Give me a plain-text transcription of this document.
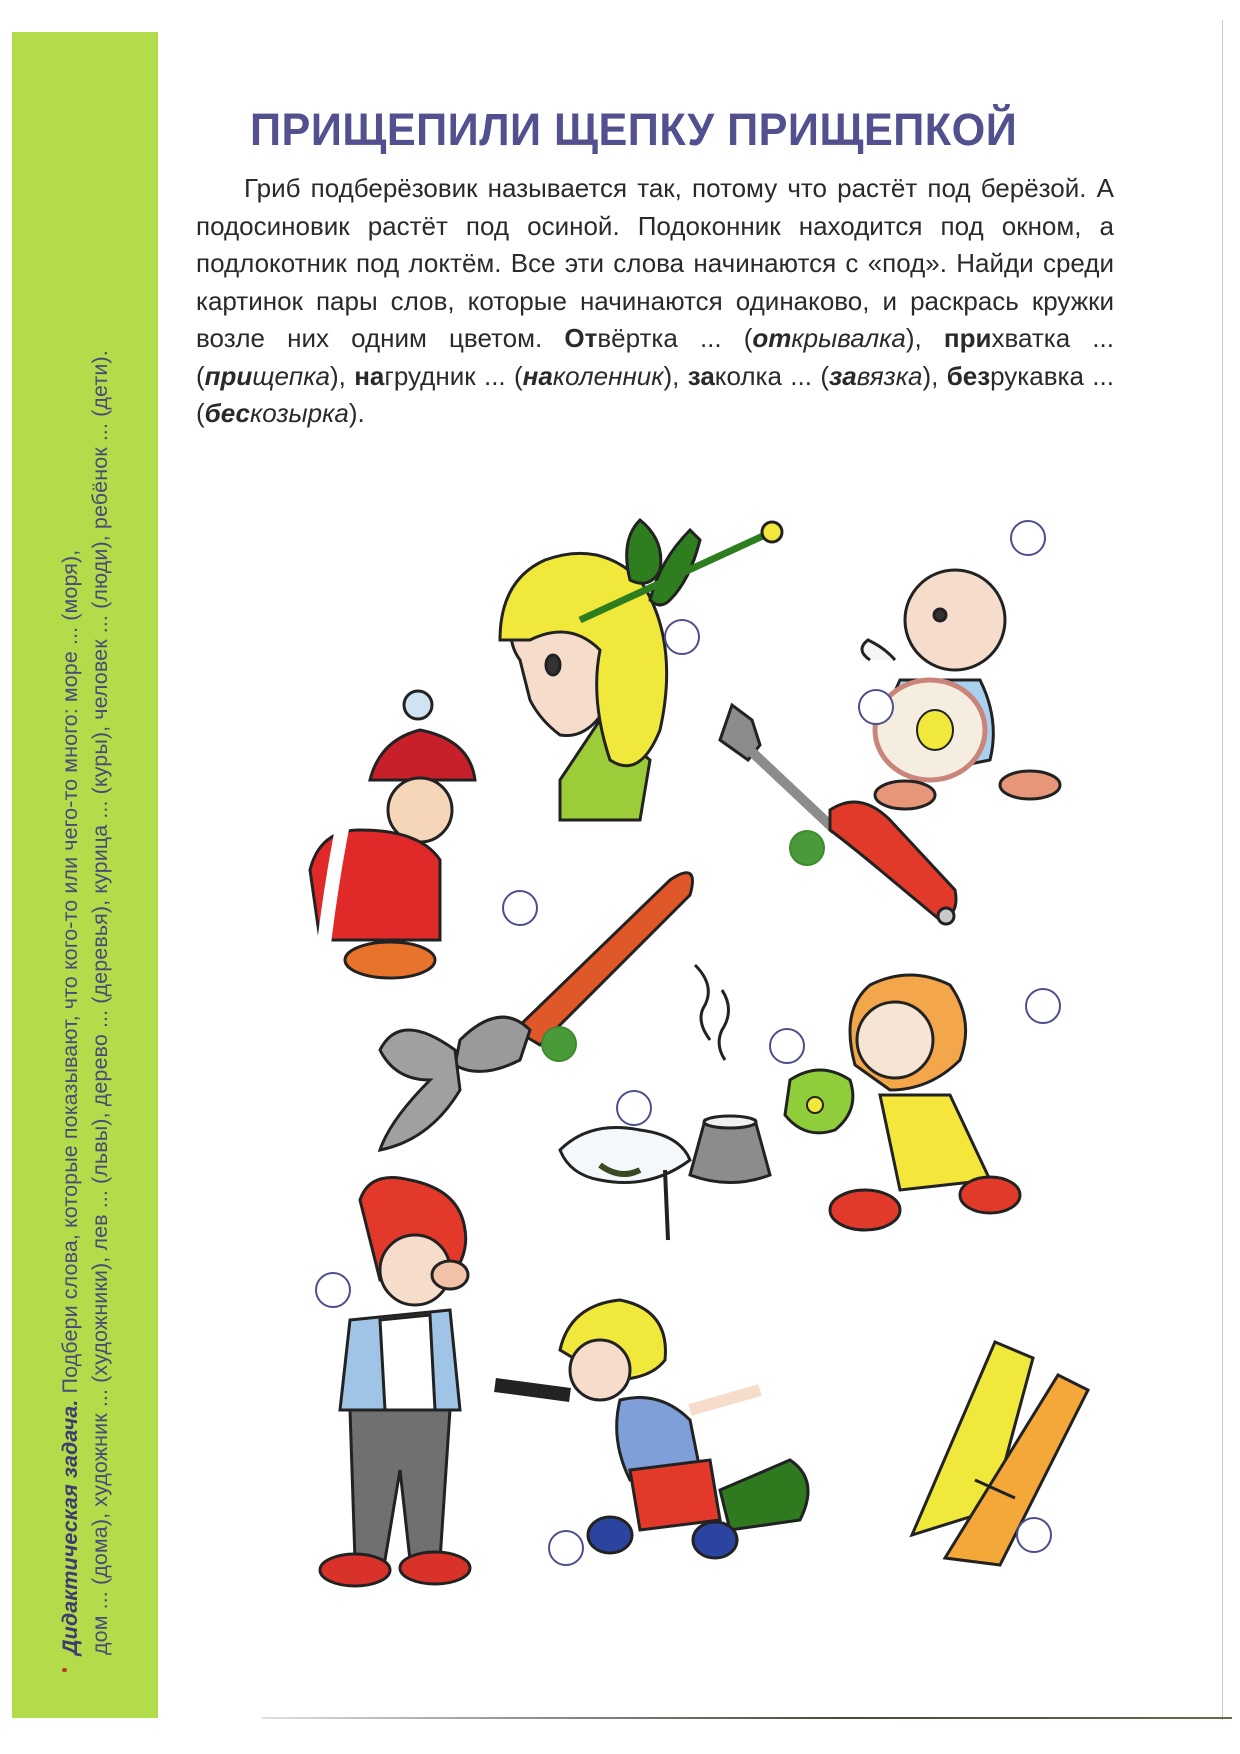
Дидактическая задача. Подбери слова, которые показывают, что кого-то или чего-то много: море ... (моря), дом ... (дома), художник ... (художники), лев ... (львы), дерево ... (деревья), курица ... (куры), человек ... (люди), ребёнок ... (дети).
ПРИЩЕПИЛИ ЩЕПКУ ПРИЩЕПКОЙ
Гриб подберёзовик называется так, потому что растёт под берёзой. А подосиновик растёт под осиной. Подоконник находится под окном, а подлокотник под локтём. Все эти слова начинаются с «под». Найди среди картинок пары слов, которые начинаются одинаково, и раскрась кружки возле них одним цветом. Отвёртка ... (открывалка), прихватка ... (прищепка), нагрудник ... (наколенник), заколка ... (завязка), безрукавка ... (бескозырка).
